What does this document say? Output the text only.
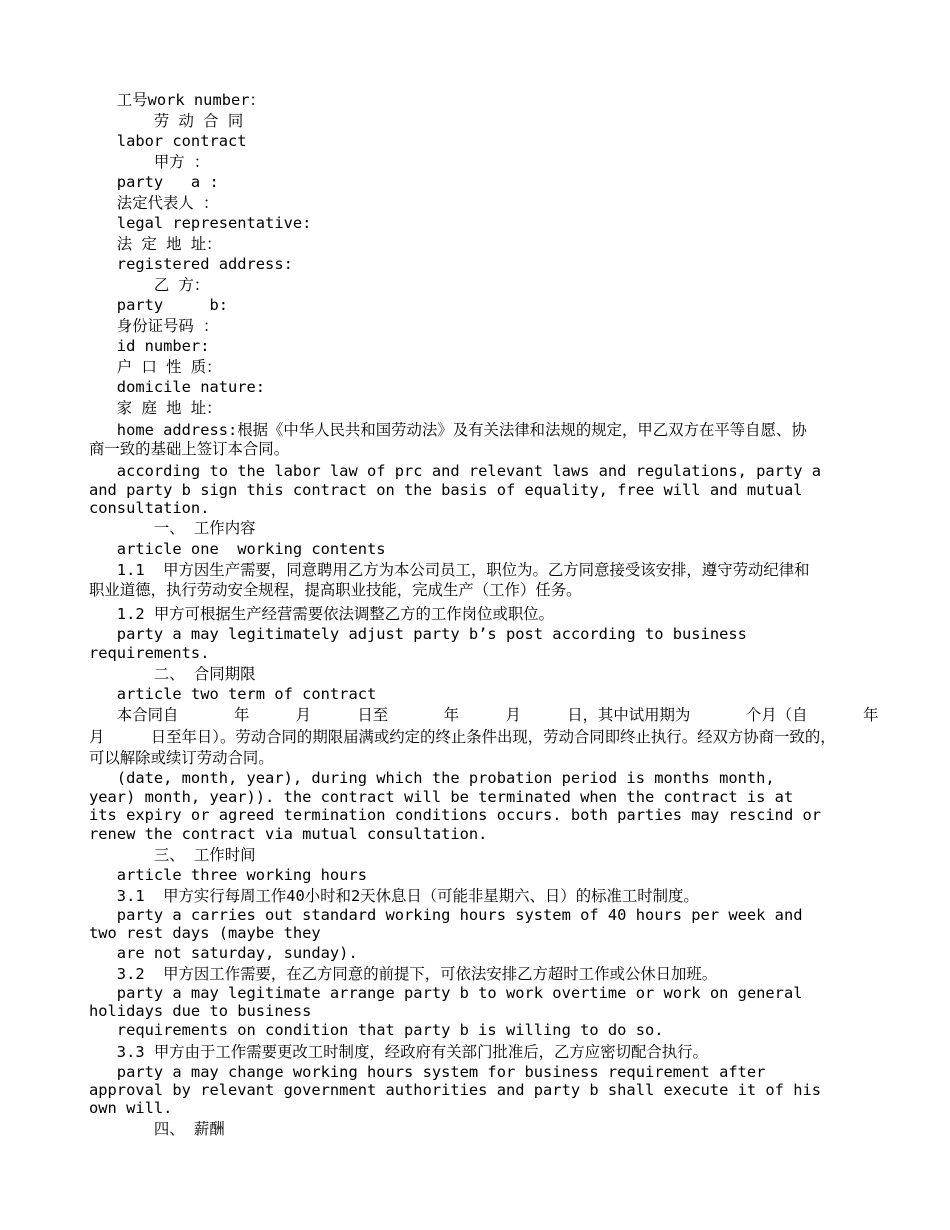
工号work number：
劳 动 合 同
labor contract
甲方 ：
party   a :
法定代表人 ：
legal representative:
法 定 地 址：
registered address:
乙 方：
party     b:
身份证号码 ：
id number:
户 口 性 质：
domicile nature:
家 庭 地 址：
home address:根据《中华人民共和国劳动法》及有关法律和法规的规定，甲乙双方在平等自愿、协
商一致的基础上签订本合同。
according to the labor law of prc and relevant laws and regulations, party a
and party b sign this contract on the basis of equality, free will and mutual
consultation.
一、 工作内容
article one  working contents
1.1  甲方因生产需要，同意聘用乙方为本公司员工，职位为。乙方同意接受该安排，遵守劳动纪律和
职业道德，执行劳动安全规程，提高职业技能，完成生产（工作）任务。
1.2 甲方可根据生产经营需要依法调整乙方的工作岗位或职位。
party a may legitimately adjust party b’s post according to business
requirements.
二、 合同期限
article two term of contract
本合同自      年     月     日至      年     月     日，其中试用期为      个月（自      年
月     日至年日）。劳动合同的期限届满或约定的终止条件出现，劳动合同即终止执行。经双方协商一致的，
可以解除或续订劳动合同。
(date, month, year), during which the probation period is months month,
year) month, year)). the contract will be terminated when the contract is at
its expiry or agreed termination conditions occurs. both parties may rescind or
renew the contract via mutual consultation.
三、 工作时间
article three working hours
3.1  甲方实行每周工作40小时和2天休息日（可能非星期六、日）的标准工时制度。
party a carries out standard working hours system of 40 hours per week and
two rest days (maybe they
are not saturday, sunday).
3.2  甲方因工作需要，在乙方同意的前提下，可依法安排乙方超时工作或公休日加班。
party a may legitimate arrange party b to work overtime or work on general
holidays due to business
requirements on condition that party b is willing to do so.
3.3 甲方由于工作需要更改工时制度，经政府有关部门批准后，乙方应密切配合执行。
party a may change working hours system for business requirement after
approval by relevant government authorities and party b shall execute it of his
own will.
四、 薪酬
